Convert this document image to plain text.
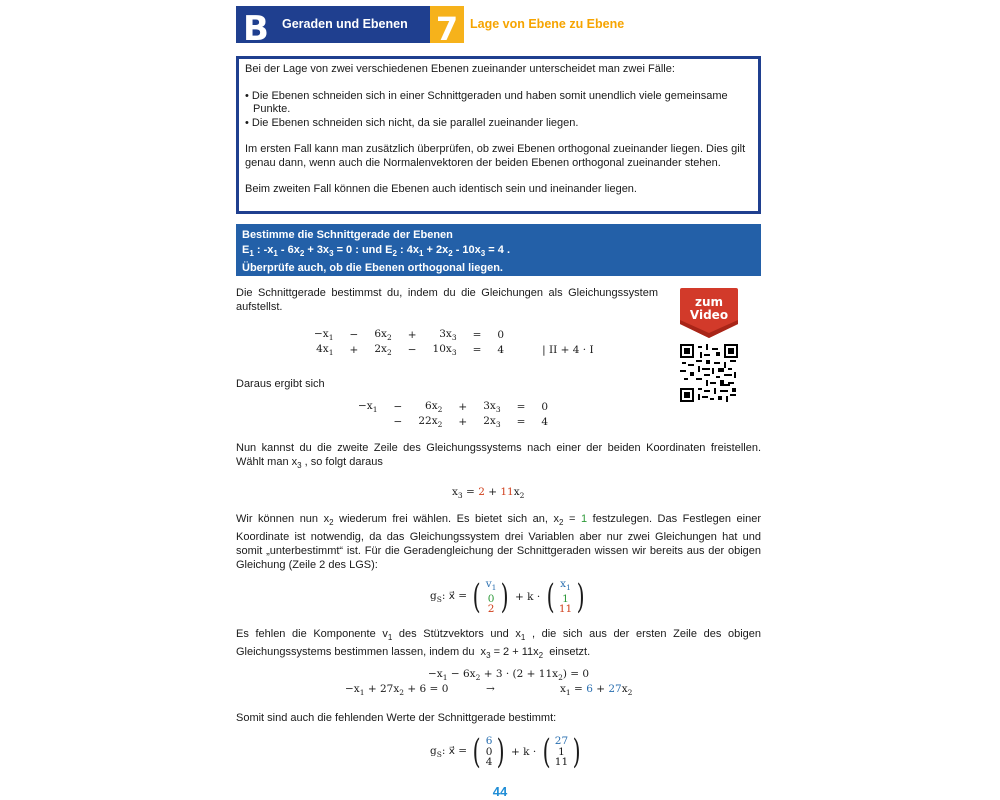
B	Geraden und Ebenen 7 Lage von Ebene zu Ebene

Bei der Lage von zwei verschiedenen Ebenen zueinander unterscheidet man zwei Fälle:

• Die Ebenen schneiden sich in einer Schnittgeraden und haben somit unendlich viele gemeinsame Punkte.

• Die Ebenen schneiden sich nicht, da sie parallel zueinander liegen.

Im ersten Fall kann man zusätzlich überprüfen, ob zwei Ebenen orthogonal zueinander liegen. Dies gilt genau dann, wenn auch die Normalenvektoren der beiden Ebenen orthogonal zueinander stehen.

Beim zweiten Fall können die Ebenen auch identisch sein und ineinander liegen.

Bestimme die Schnittgerade der Ebenen
$E_1$ : $-x_1 - 6x_2 + 3x_3 = 0$ : und $E_2$ : $4x_1 + 2x_2 - 10x_3 = 4$ .
Überprüfe auch, ob die Ebenen orthogonal liegen.
Die Schnittgerade bestimmst du, indem du die Gleichungen als Gleichungssystem aufstellst.
$-x_1$	−	$6x_2$	+	$3x_3$	=	0	
$4x_1$	+	$2x_2$	−	$10x_3$	=	4	| II + 4 · I
Daraus ergibt sich
$-x_1$	−	$6x_2$	+	$3x_3$	=	0
	−	$22x_2$	+	$2x_3$	=	4
Nun kannst du die zweite Zeile des Gleichungssystems nach einer der beiden Koordinaten freistellen. Wählt man $x_3$ , so folgt daraus
$x_3 = 2 + 11x_2$
Wir können nun $x_2$ wiederum frei wählen. Es bietet sich an, $x_2 = 1$ festzulegen. Das Festlegen einer Koordinate ist notwendig, da das Gleichungssystem drei Variablen aber nur zwei Gleichungen hat und somit „unterbestimmt“ ist. Für die Geradengleichung der Schnittgeraden wissen wir bereits aus der obigen Gleichung (Zeile 2 des LGS):
$g_S$: x⃗ = ( $v_1$
0
2 ) + k · ( $x_1$
1
11 )
Es fehlen die Komponente $v_1$ des Stützvektors und $x_1$ , die sich aus der ersten Zeile des obigen Gleichungssystems bestimmen lassen, indem du  $x_3 = 2 + 11x_2$  einsetzt.
$-x_1 - 6x_2 + 3 \cdot (2 + 11x_2) = 0$
$-x_1 + 27x_2 + 6 = 0$	→	$x_1 = 6 + 27x_2$
Somit sind auch die fehlenden Werte der Schnittgerade bestimmt:
$g_S$: x⃗ = ( 6
0
4 ) + k · ( 27
1
11 )
zum
Video
44
